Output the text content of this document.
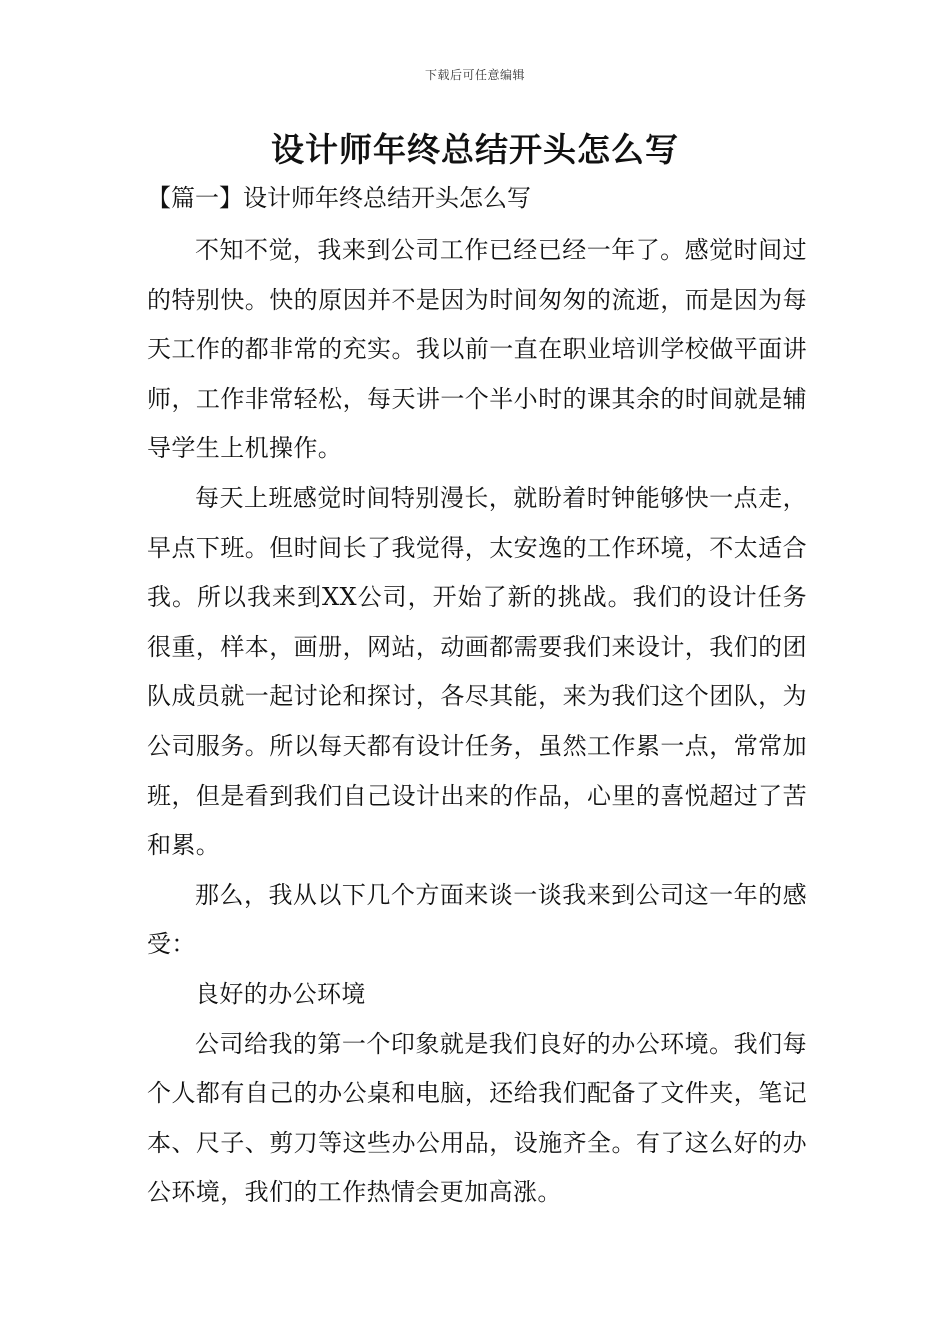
下载后可任意编辑
设计师年终总结开头怎么写
【篇一】设计师年终总结开头怎么写

不知不觉，我来到公司工作已经已经一年了。感觉时间过的特别快。快的原因并不是因为时间匆匆的流逝，而是因为每天工作的都非常的充实。我以前一直在职业培训学校做平面讲师，工作非常轻松，每天讲一个半小时的课其余的时间就是辅导学生上机操作。

每天上班感觉时间特别漫长，就盼着时钟能够快一点走，早点下班。但时间长了我觉得，太安逸的工作环境，不太适合我。所以我来到XX公司，开始了新的挑战。我们的设计任务很重，样本，画册，网站，动画都需要我们来设计，我们的团队成员就一起讨论和探讨，各尽其能，来为我们这个团队，为公司服务。所以每天都有设计任务，虽然工作累一点，常常加班，但是看到我们自己设计出来的作品，心里的喜悦超过了苦和累。

那么，我从以下几个方面来谈一谈我来到公司这一年的感受：

良好的办公环境

公司给我的第一个印象就是我们良好的办公环境。我们每个人都有自己的办公桌和电脑，还给我们配备了文件夹，笔记本、尺子、剪刀等这些办公用品，设施齐全。有了这么好的办公环境，我们的工作热情会更加高涨。
